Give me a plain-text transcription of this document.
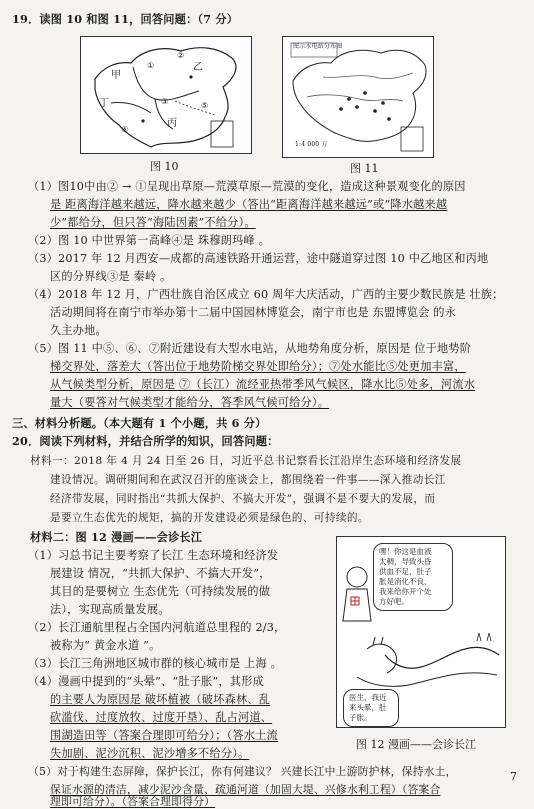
19．读图 10 和图 11，回答问题：（7 分）
甲
乙
丁
丙
①
②
③
④
⑤
图 10
图示水电站分布图
1:4 000 万
图 11
（1）图10中由② → ①呈现出草原—荒漠草原—荒漠的变化，造成这种景观变化的原因
是 距离海洋越来越远，降水越来越少（答出“距离海洋越来越远”或“降水越来越
少”都给分，但只答“海陆因素”不给分）。
（2）图 10 中世界第一高峰④是 珠穆朗玛峰 。
（3）2017 年 12 月西安—成都的高速铁路开通运营，途中隧道穿过图 10 中乙地区和丙地
区的分界线③是 秦岭 。
（4）2018 年 12 月，广西壮族自治区成立 60 周年大庆活动，广西的主要少数民族是 壮族；
活动期间将在南宁市举办第十二届中国园林博览会，南宁市也是 东盟博览会 的永
久主办地。
（5）图 11 中⑤、⑥、⑦附近建设有大型水电站，从地势角度分析，原因是 位于地势阶
梯交界处，落差大（答出位于地势阶梯交界处即给分）；⑦处水能比⑤处更加丰富，
从气候类型分析，原因是 ⑦（长江）流经亚热带季风气候区，降水比⑤处多，河流水
量大（要答对气候类型才能给分，答季风气候可给分）。
三、材料分析题。（本大题有 1 个小题，共 6 分）
20．阅读下列材料，并结合所学的知识，回答问题：
材料一：2018 年 4 月 24 日至 26 日，习近平总书记察看长江沿岸生态环境和经济发展
建设情况。调研期间和在武汉召开的座谈会上，都围绕着一件事——深入推动长江
经济带发展，同时指出“共抓大保护、不搞大开发”，强调不是不要大的发展，而
是要立生态优先的规矩，搞的开发建设必须是绿色的、可持续的。
材料二：图 12 漫画——会诊长江
（1）习总书记主要考察了长江 生态环境和经济发
展建设 情况，“共抓大保护、不搞大开发”，
其目的是要树立 生态优先（可持续发展的做
法），实现高质量发展。
（2）长江通航里程占全国内河航道总里程的 2/3，
被称为“ 黄金水道 ”。
（3）长江三角洲地区城市群的核心城市是 上海 。
（4）漫画中提到的“头晕”、“肚子胀”，其形成
的主要人为原因是 破坏植被（破坏森林、乱
砍滥伐、过度放牧、过度开垦）、乱占河道、
围湖造田等（答案合理即可给分）；（答水土流
失加剧、泥沙沉积、泥沙增多不给分）。
（5）对于构建生态屏障，保护长江，你有何建议？ 兴建长江中上游防护林，保持水土，
保证水源的清洁，减少泥沙含量、疏通河道（加固大堤、兴修水利工程）（答案合
理即可给分）。（答案合理即得分）
嘿！你这是血液
太稠，导致头昏
供血不足，肚子
胀是消化不良，
我来给你开个处
方好吧。
医生，我近
来头晕，肚
子胀。
图 12 漫画——会诊长江
7
